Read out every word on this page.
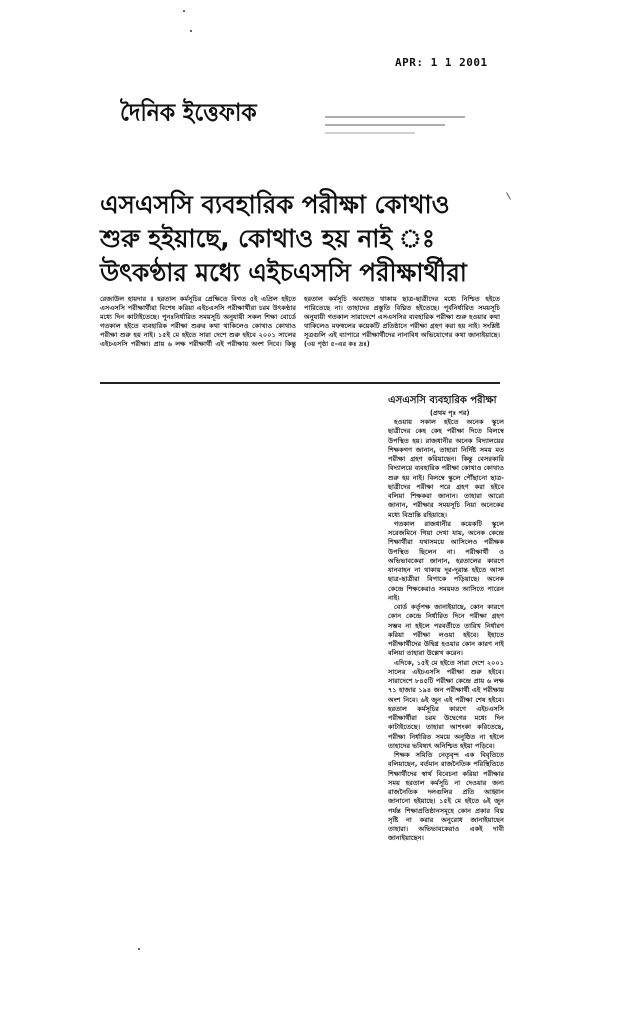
APR: 1 1 2001
দৈনিক ইত্তেফাক
এসএসসি ব্যবহারিক পরীক্ষা কোথাও
শুরু হইয়াছে, কোথাও হয় নাই ঃ
উৎকণ্ঠার মধ্যে এইচএসসি পরীক্ষার্থীরা
রেজাউল হায়দার ॥ হরতাল কর্মসূচির প্রেক্ষিতে বিগত ৫ই এপ্রিল হইতে এসএসসি পরীক্ষার্থীরা বিশেষ করিয়া এইচএসসি পরীক্ষার্থীরা চরম উৎকণ্ঠার মধ্যে দিন কাটাইতেছে। পুনঃনির্ধারিত সময়সূচি অনুযায়ী সকল শিক্ষা বোর্ডে গতকাল হইতে ব্যবহারিক পরীক্ষা শুরুর কথা থাকিলেও কোথাও কোথাও পরীক্ষা শুরু হয় নাই। ১৫ই মে হইতে সারা দেশে শুরু হইবে ২০০১ সালের এইচএসসি পরীক্ষা। প্রায় ৬ লক্ষ পরীক্ষার্থী এই পরীক্ষায় অংশ নিবে। কিন্তু হরতাল কর্মসূচি অব্যাহত থাকায় ছাত্র-ছাত্রীদের মধ্যে নিশ্চিত হইতে পারিতেছে না। তাহাদের প্রস্তুতি বিঘ্নিত হইতেছে। পূর্বনির্ধারিত সময়সূচি অনুযায়ী গতকাল সারাদেশে এসএসসির ব্যবহারিক পরীক্ষা শুরু হওয়ার কথা থাকিলেও মফস্বলের কয়েকটি প্রতিষ্ঠানে পরীক্ষা গ্রহণ করা হয় নাই। সংশ্লিষ্ট সূত্রগুলি এই ব্যাপারে পরীক্ষার্থীদের নানাবিধ অভিযোগের কথা জানাইয়াছে। (৩য় পৃষ্ঠা ৫-এর কঃ দ্রঃ)
এসএসসি ব্যবহারিক পরীক্ষা
(প্রথম পৃঃ পর)

হওয়ায় সকাল হইতে অনেক স্কুলে ছাত্রীদের কেহ কেহ পরীক্ষা দিতে বিলম্বে উপস্থিত হয়। রাজধানীর অনেক বিদ্যালয়ের শিক্ষকগণ জানান, তাহারা নির্দিষ্ট সময় মত পরীক্ষা গ্রহণ করিয়াছেন। কিন্তু বেসরকারি বিদ্যালয়ে ব্যবহারিক পরীক্ষা কোথাও কোথাও শুরু হয় নাই। বিলম্বে স্কুলে পৌঁছানো ছাত্র-ছাত্রীদের পরীক্ষা পরে গ্রহণ করা হইবে বলিয়া শিক্ষকরা জানান। তাহারা আরো জানান, পরীক্ষার সময়সূচি নিয়া অনেকের মধ্যে বিভ্রান্তি রহিয়াছে।

গতকাল রাজধানীর কয়েকটি স্কুলে সরেজমিনে গিয়া দেখা যায়, অনেক কেন্দ্রে শিক্ষার্থীরা যথাসময়ে আসিলেও পরীক্ষক উপস্থিত ছিলেন না। পরীক্ষার্থী ও অভিভাবকেরা জানান, হরতালের কারণে যানবাহন না থাকায় দূর-দূরান্ত হইতে আসা ছাত্র-ছাত্রীরা বিপাকে পড়িয়াছে। অনেক কেন্দ্রে শিক্ষকেরাও সময়মত আসিতে পারেন নাই।

বোর্ড কর্তৃপক্ষ জানাইয়াছে, কোন কারণে কোন কেন্দ্রে নির্ধারিত দিনে পরীক্ষা গ্রহণ সম্ভব না হইলে পরবর্তীতে তারিখ নির্ধারণ করিয়া পরীক্ষা লওয়া হইবে। ইহাতে পরীক্ষার্থীদের উদ্বিগ্ন হওয়ার কোন কারণ নাই বলিয়া তাহারা উল্লেখ করেন।

এদিকে, ১৫ই মে হইতে সারা দেশে ২০০১ সালের এইচএসসি পরীক্ষা শুরু হইবে। সারাদেশে ৮৪৫টি পরীক্ষা কেন্দ্রে প্রায় ৬ লক্ষ ৭১ হাজার ১৯৪ জন পরীক্ষার্থী এই পরীক্ষায় অংশ নিবে। ৬ই জুন এই পরীক্ষা শেষ হইবে। হরতাল কর্মসূচির কারণে এইচএসসি পরীক্ষার্থীরা চরম উদ্বেগের মধ্যে দিন কাটাইতেছে। তাহারা আশংকা করিতেছে, পরীক্ষা নির্ধারিত সময়ে অনুষ্ঠিত না হইলে তাহাদের ভবিষ্যৎ অনিশ্চিত হইয়া পড়িবে।

শিক্ষক সমিতি নেতৃবৃন্দ এক বিবৃতিতে বলিয়াছেন, বর্তমান রাজনৈতিক পরিস্থিতিতে শিক্ষার্থীদের স্বার্থ বিবেচনা করিয়া পরীক্ষার সময় হরতাল কর্মসূচি না দেওয়ার জন্য রাজনৈতিক দলগুলির প্রতি আহ্বান জানানো হইয়াছে। ১৫ই মে হইতে ৬ই জুন পর্যন্ত শিক্ষাপ্রতিষ্ঠানসমূহে কোন প্রকার বিঘ্ন সৃষ্টি না করার অনুরোধ জানাইয়াছেন তাহারা। অভিভাবকেরাও একই দাবী জানাইয়াছেন।
